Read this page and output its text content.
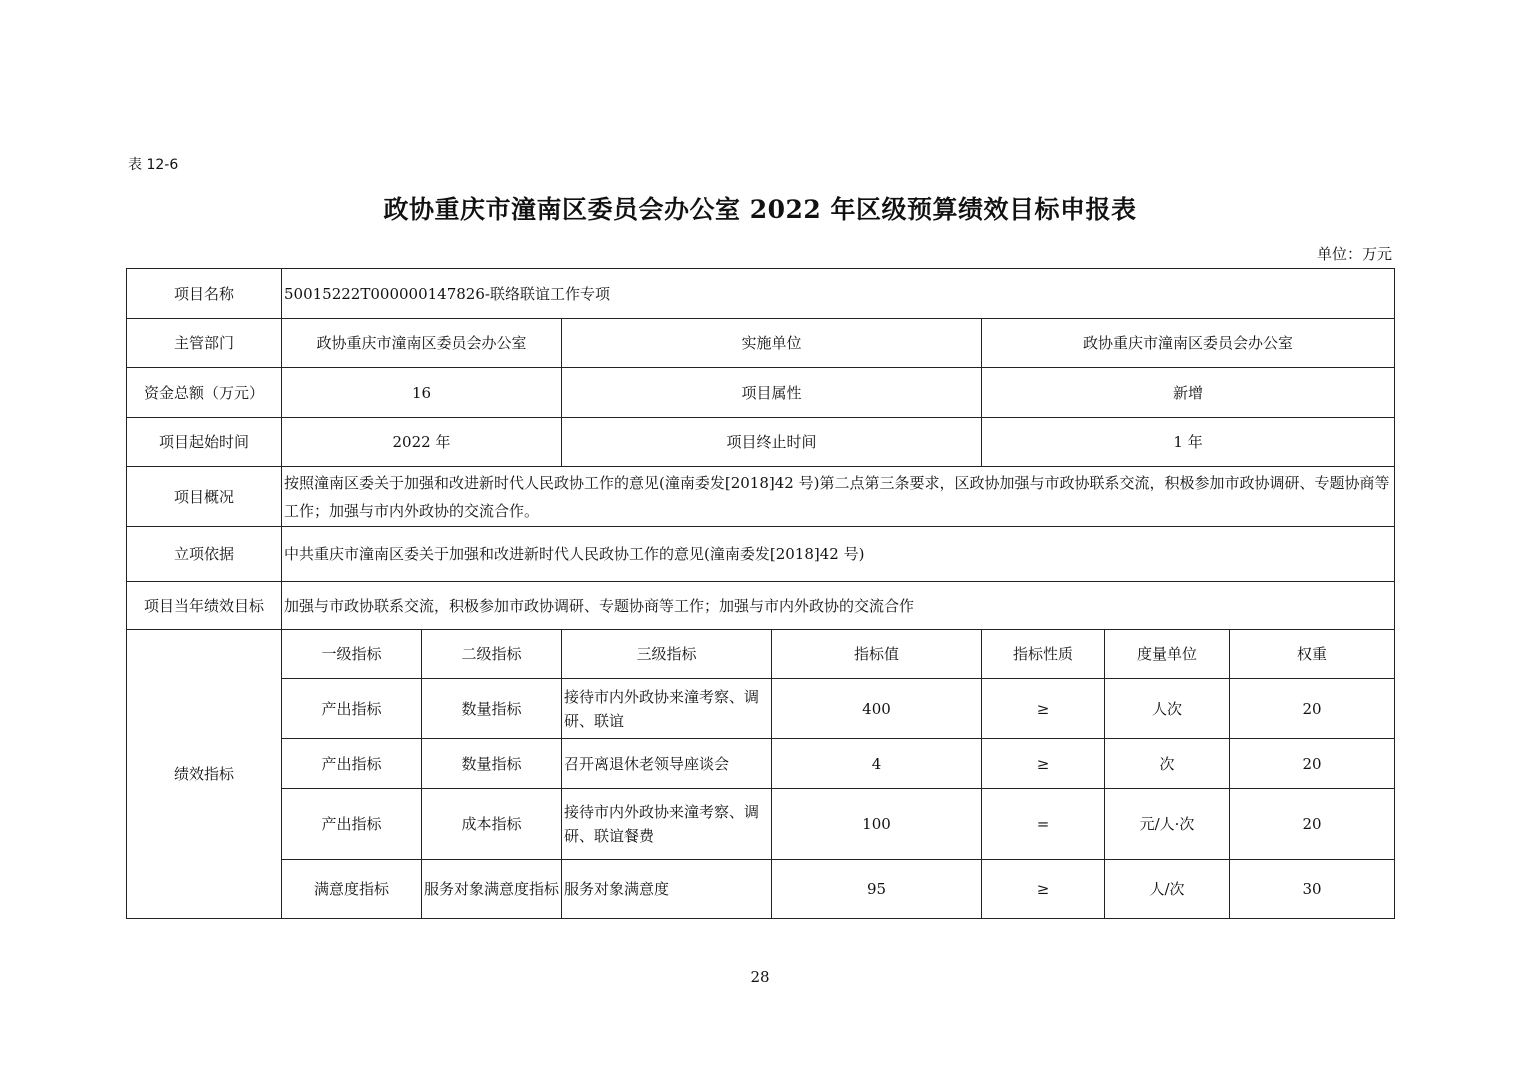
表 12-6
政协重庆市潼南区委员会办公室 2022 年区级预算绩效目标申报表
单位：万元
项目名称	50015222T000000147826-联络联谊工作专项						
主管部门	政协重庆市潼南区委员会办公室		实施单位		政协重庆市潼南区委员会办公室		
资金总额（万元）	16		项目属性		新增		
项目起始时间	2022 年		项目终止时间		1 年		
项目概况	按照潼南区委关于加强和改进新时代人民政协工作的意见(潼南委发[2018]42 号)第二点第三条要求，区政协加强与市政协联系交流，积极参加市政协调研、专题协商等工作；加强与市内外政协的交流合作。						
立项依据	中共重庆市潼南区委关于加强和改进新时代人民政协工作的意见(潼南委发[2018]42 号)						
项目当年绩效目标	加强与市政协联系交流，积极参加市政协调研、专题协商等工作；加强与市内外政协的交流合作						
绩效指标	一级指标	二级指标	三级指标	指标值	指标性质	度量单位	权重
	产出指标	数量指标	接待市内外政协来潼考察、调研、联谊	400	≥	人次	20
	产出指标	数量指标	召开离退休老领导座谈会	4	≥	次	20
	产出指标	成本指标	接待市内外政协来潼考察、调研、联谊餐费	100	=	元/人·次	20
	满意度指标	服务对象满意度指标	服务对象满意度	95	≥	人/次	30
28
